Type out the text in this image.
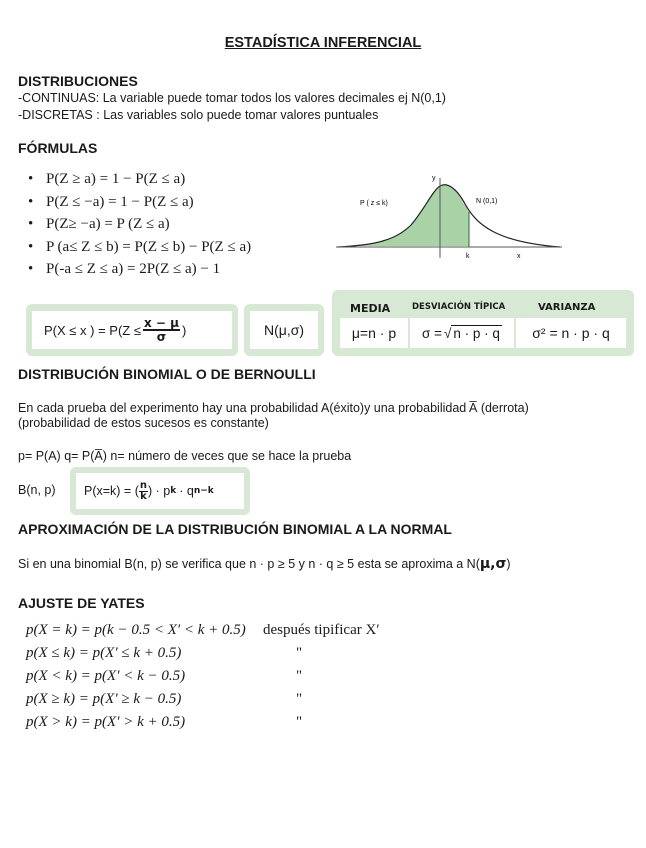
ESTADÍSTICA INFERENCIAL
DISTRIBUCIONES
-CONTINUAS: La variable puede tomar todos los valores decimales ej N(0,1)
-DISCRETAS : Las variables solo puede tomar valores puntuales
FÓRMULAS
• P(Z ≥ a) = 1 − P(Z ≤ a)
• P(Z ≤ −a) = 1 − P(Z ≤ a)
• P(Z≥ −a) = P (Z ≤ a)
• P (a≤ Z ≤ b) = P(Z ≤ b) − P(Z ≤ a)
• P(-a ≤ Z ≤ a) = 2P(Z ≤ a) − 1
P ( z ≤ k)	N (0,1)
y
k	x
P(X ≤ x ) = $P(Z \le \frac{x - \mu}{\sigma}$ )	N(μ,σ)
MEDIA	DESVIACIÓN TÍPICA	VARIANZA
μ=n · p	σ = √ n · p · q	σ² = n · p · q
DISTRIBUCIÓN BINOMIAL O DE BERNOULLI
En cada prueba del experimento hay una probabilidad A(éxito)y una probabilidad A̅ (derrota)
(probabilidad de estos sucesos es constante)
p= P(A) q= P(A̅) n= número de veces que se hace la prueba
B(n, p) P(x=k) = ( $\frac{n}{k}$ ) · p k · q n−k
APROXIMACIÓN DE LA DISTRIBUCIÓN BINOMIAL A LA NORMAL
Si en una binomial B(n, p) se verifica que n · p ≥ 5 y n · q ≥ 5 esta se aproxima a N(μ,σ)
AJUSTE DE YATES
p(X = k) = p(k − 0.5 < X′ < k + 0.5) después tipificar X′
p(X ≤ k) = p(X′ ≤ k + 0.5)	"
p(X < k) = p(X′ < k − 0.5)	"
p(X ≥ k) = p(X′ ≥ k − 0.5)	"
p(X > k) = p(X′ > k + 0.5)	"
